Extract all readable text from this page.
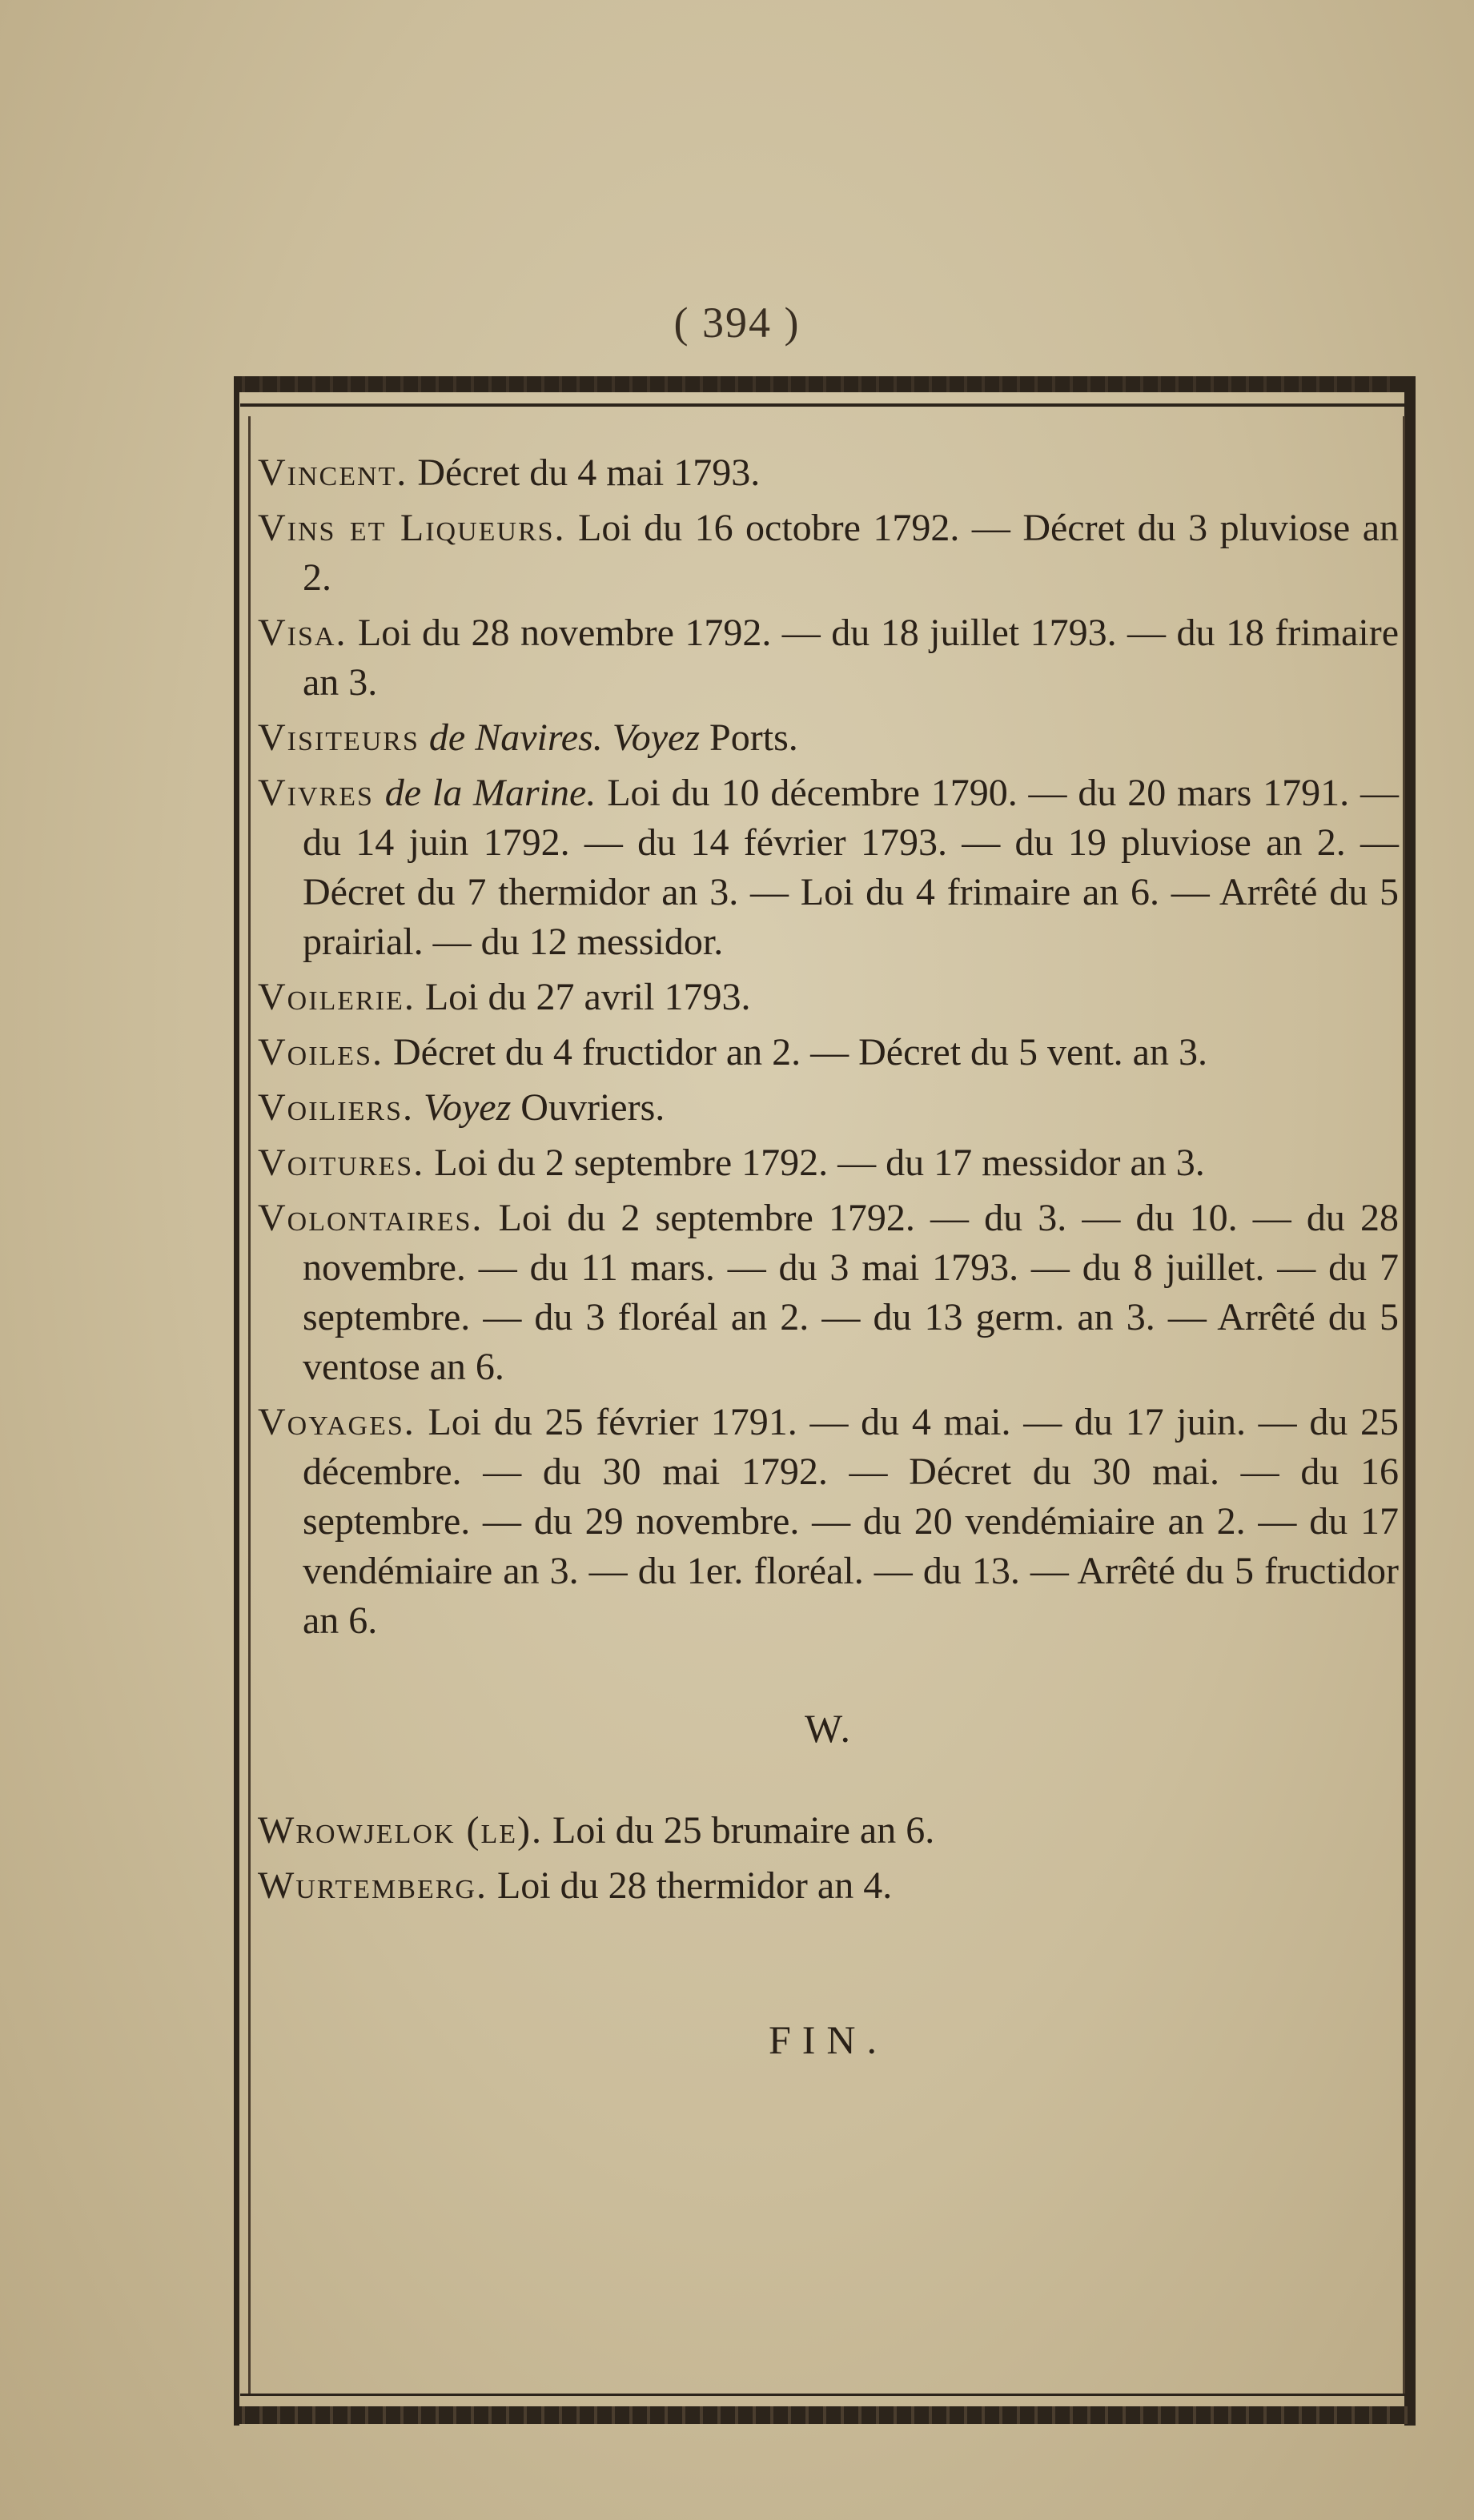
( 394 )

Vincent. Décret du 4 mai 1793.

Vins et Liqueurs. Loi du 16 octobre 1792. — Décret du 3 pluviose an 2.

Visa. Loi du 28 novembre 1792. — du 18 juillet 1793. — du 18 frimaire an 3.

Visiteurs de Navires. Voyez Ports.

Vivres de la Marine. Loi du 10 décembre 1790. — du 20 mars 1791. — du 14 juin 1792. — du 14 février 1793. — du 19 pluviose an 2. — Décret du 7 thermidor an 3. — Loi du 4 frimaire an 6. — Arrêté du 5 prairial. — du 12 messidor.

Voilerie. Loi du 27 avril 1793.

Voiles. Décret du 4 fructidor an 2. — Décret du 5 vent. an 3.

Voiliers. Voyez Ouvriers.

Voitures. Loi du 2 septembre 1792. — du 17 messidor an 3.

Volontaires. Loi du 2 septembre 1792. — du 3. — du 10. — du 28 novembre. — du 11 mars. — du 3 mai 1793. — du 8 juillet. — du 7 septembre. — du 3 floréal an 2. — du 13 germ. an 3. — Arrêté du 5 ventose an 6.

Voyages. Loi du 25 février 1791. — du 4 mai. — du 17 juin. — du 25 décembre. — du 30 mai 1792. — Décret du 30 mai. — du 16 septembre. — du 29 novembre. — du 20 vendémiaire an 2. — du 17 vendémiaire an 3. — du 1er. floréal. — du 13. — Arrêté du 5 fructidor an 6.

W.

Wrowjelok (le). Loi du 25 brumaire an 6.

Wurtemberg. Loi du 28 thermidor an 4.

FIN.
